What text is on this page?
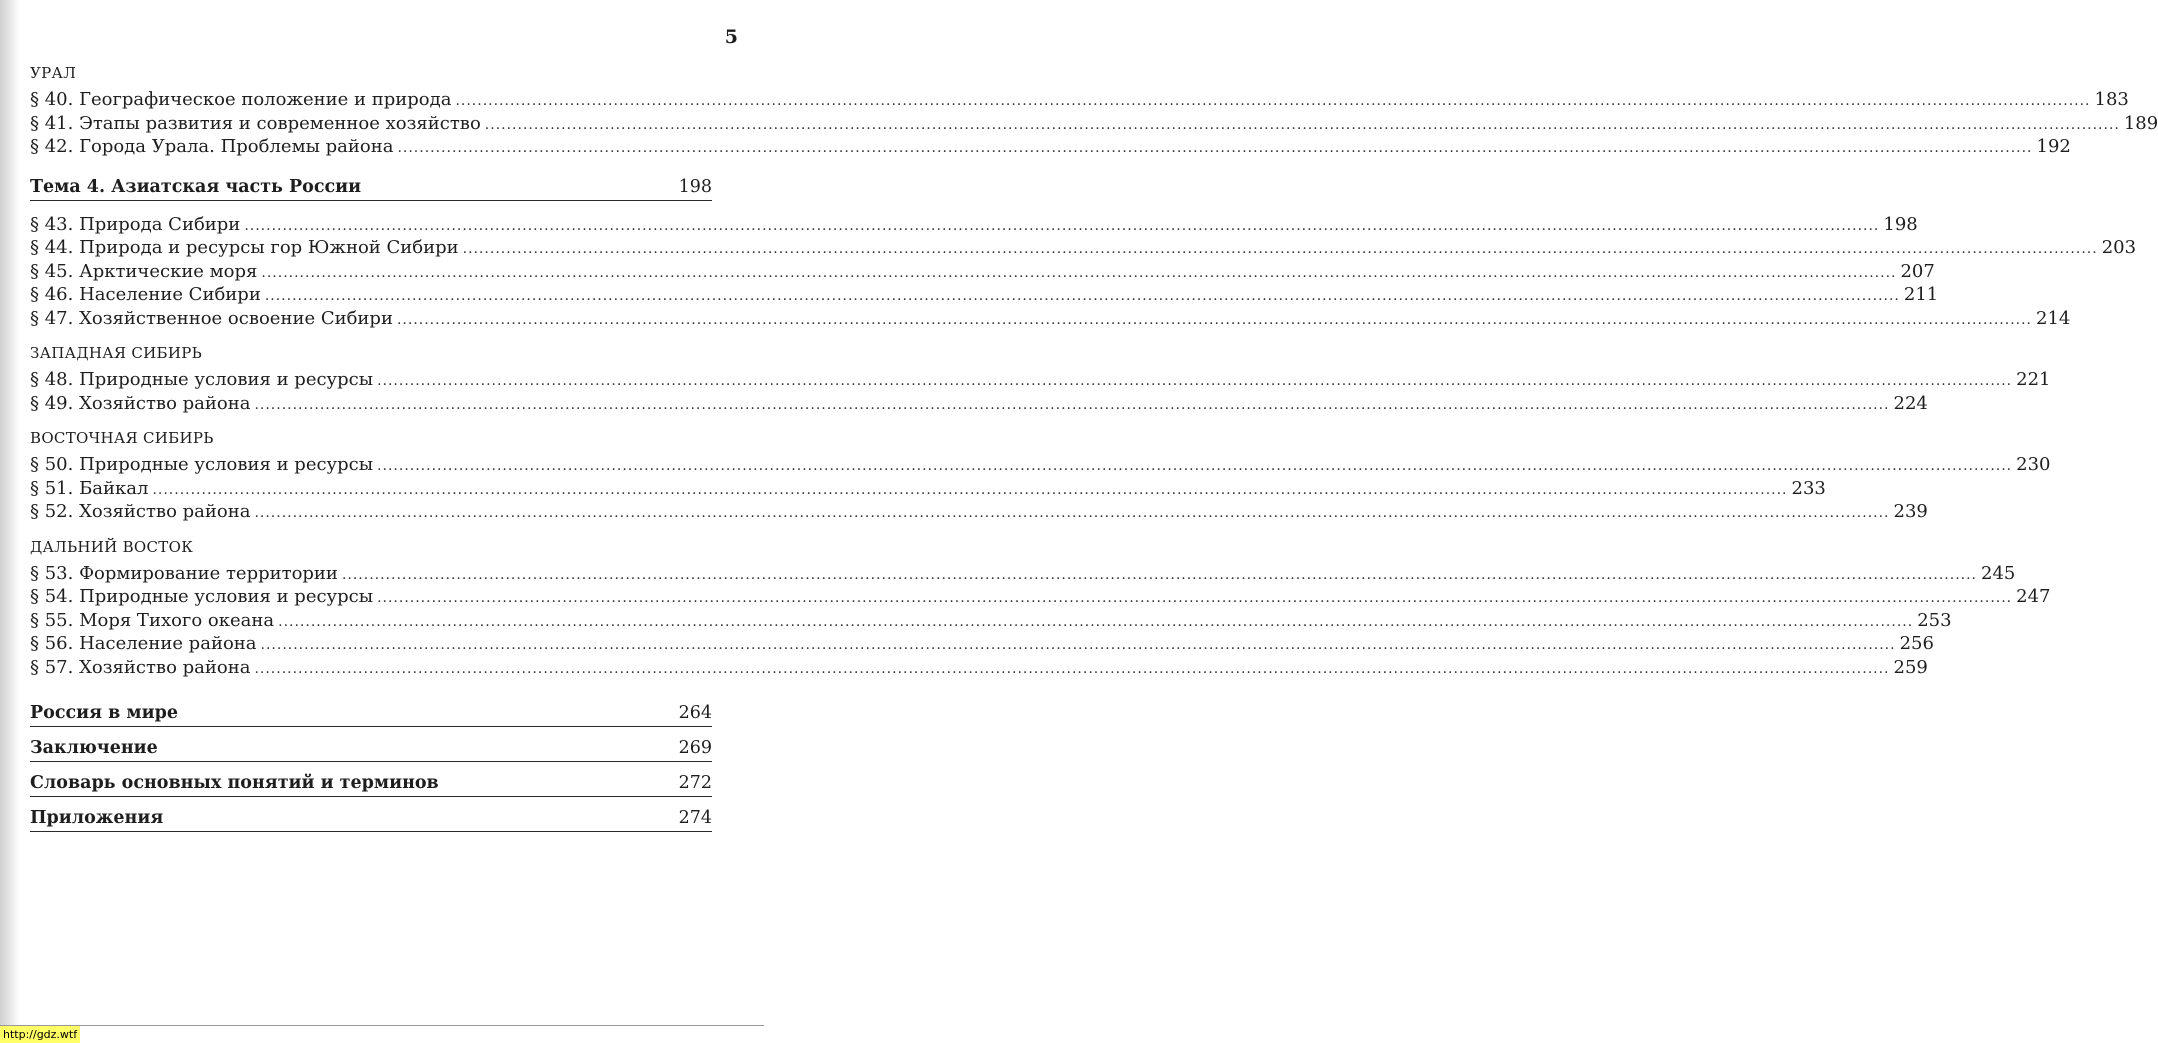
5
УРАЛ
§ 40. Географическое положение и природа ............................................................................................................................................................................................................................................................................................................ 183
§ 41. Этапы развития и современное хозяйство ............................................................................................................................................................................................................................................................................................................ 189
§ 42. Города Урала. Проблемы района ............................................................................................................................................................................................................................................................................................................ 192
Тема 4. Азиатская часть России	198
§ 43. Природа Сибири ............................................................................................................................................................................................................................................................................................................ 198
§ 44. Природа и ресурсы гор Южной Сибири ............................................................................................................................................................................................................................................................................................................ 203
§ 45. Арктические моря ............................................................................................................................................................................................................................................................................................................ 207
§ 46. Население Сибири ............................................................................................................................................................................................................................................................................................................ 211
§ 47. Хозяйственное освоение Сибири ............................................................................................................................................................................................................................................................................................................ 214
ЗАПАДНАЯ СИБИРЬ
§ 48. Природные условия и ресурсы ............................................................................................................................................................................................................................................................................................................ 221
§ 49. Хозяйство района ............................................................................................................................................................................................................................................................................................................ 224
ВОСТОЧНАЯ СИБИРЬ
§ 50. Природные условия и ресурсы ............................................................................................................................................................................................................................................................................................................ 230
§ 51. Байкал ............................................................................................................................................................................................................................................................................................................ 233
§ 52. Хозяйство района ............................................................................................................................................................................................................................................................................................................ 239
ДАЛЬНИЙ ВОСТОК
§ 53. Формирование территории ............................................................................................................................................................................................................................................................................................................ 245
§ 54. Природные условия и ресурсы ............................................................................................................................................................................................................................................................................................................ 247
§ 55. Моря Тихого океана ............................................................................................................................................................................................................................................................................................................ 253
§ 56. Население района ............................................................................................................................................................................................................................................................................................................ 256
§ 57. Хозяйство района ............................................................................................................................................................................................................................................................................................................ 259
Россия в мире	264
Заключение	269
Словарь основных понятий и терминов	272
Приложения	274
http://gdz.wtf
